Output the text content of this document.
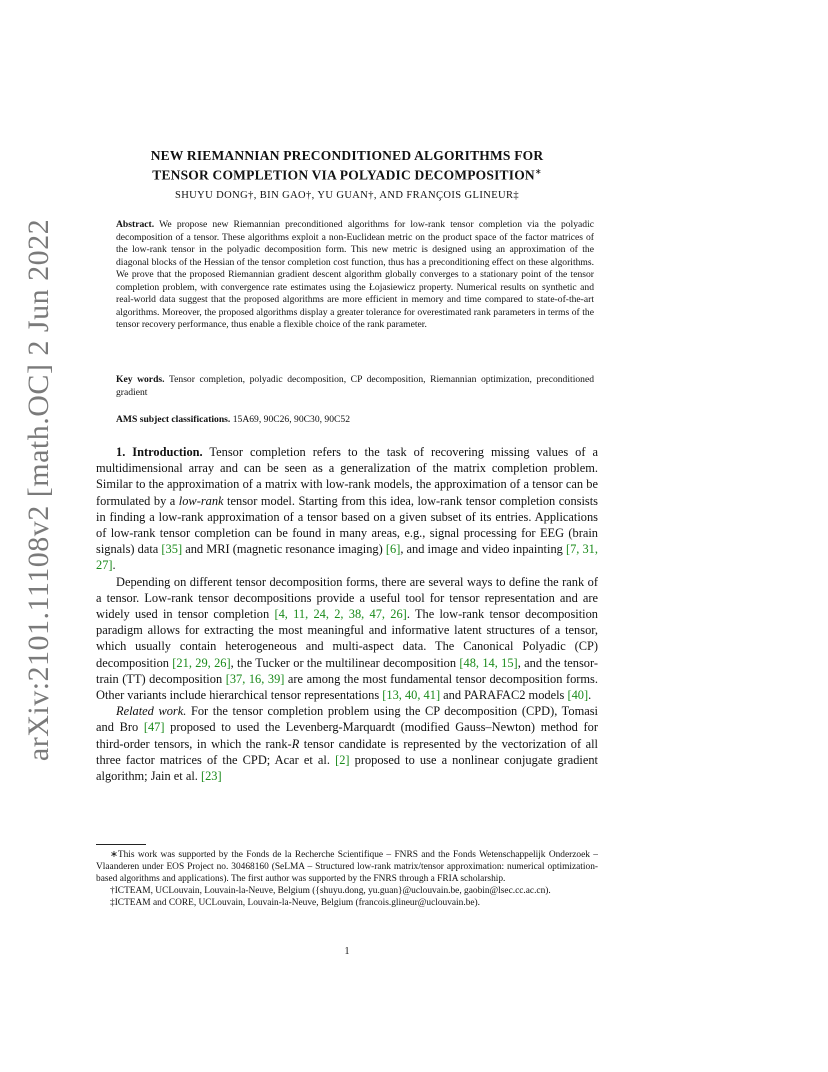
arXiv:2101.11108v2 [math.OC] 2 Jun 2022
NEW RIEMANNIAN PRECONDITIONED ALGORITHMS FOR
TENSOR COMPLETION VIA POLYADIC DECOMPOSITION∗
SHUYU DONG†, BIN GAO†, YU GUAN†, AND FRANÇOIS GLINEUR‡
Abstract. We propose new Riemannian preconditioned algorithms for low-rank tensor completion via the polyadic decomposition of a tensor. These algorithms exploit a non-Euclidean metric on the product space of the factor matrices of the low-rank tensor in the polyadic decomposition form. This new metric is designed using an approximation of the diagonal blocks of the Hessian of the tensor completion cost function, thus has a preconditioning effect on these algorithms. We prove that the proposed Riemannian gradient descent algorithm globally converges to a stationary point of the tensor completion problem, with convergence rate estimates using the Łojasiewicz property. Numerical results on synthetic and real-world data suggest that the proposed algorithms are more efficient in memory and time compared to state-of-the-art algorithms. Moreover, the proposed algorithms display a greater tolerance for overestimated rank parameters in terms of the tensor recovery performance, thus enable a flexible choice of the rank parameter.
Key words. Tensor completion, polyadic decomposition, CP decomposition, Riemannian optimization, preconditioned gradient
AMS subject classifications. 15A69, 90C26, 90C30, 90C52

1. Introduction. Tensor completion refers to the task of recovering missing values of a multidimensional array and can be seen as a generalization of the matrix completion problem. Similar to the approximation of a matrix with low-rank models, the approximation of a tensor can be formulated by a low-rank tensor model. Starting from this idea, low-rank tensor completion consists in finding a low-rank approximation of a tensor based on a given subset of its entries. Applications of low-rank tensor completion can be found in many areas, e.g., signal processing for EEG (brain signals) data [35] and MRI (magnetic resonance imaging) [6], and image and video inpainting [7, 31, 27].

Depending on different tensor decomposition forms, there are several ways to define the rank of a tensor. Low-rank tensor decompositions provide a useful tool for tensor representation and are widely used in tensor completion [4, 11, 24, 2, 38, 47, 26]. The low-rank tensor decomposition paradigm allows for extracting the most meaningful and informative latent structures of a tensor, which usually contain heterogeneous and multi-aspect data. The Canonical Polyadic (CP) decomposition [21, 29, 26], the Tucker or the multilinear decomposition [48, 14, 15], and the tensor-train (TT) decomposition [37, 16, 39] are among the most fundamental tensor decomposition forms. Other variants include hierarchical tensor representations [13, 40, 41] and PARAFAC2 models [40].

Related work. For the tensor completion problem using the CP decomposition (CPD), Tomasi and Bro [47] proposed to used the Levenberg-Marquardt (modified Gauss–Newton) method for third-order tensors, in which the rank-R tensor candidate is represented by the vectorization of all three factor matrices of the CPD; Acar et al. [2] proposed to use a nonlinear conjugate gradient algorithm; Jain et al. [23]

∗This work was supported by the Fonds de la Recherche Scientifique – FNRS and the Fonds Wetenschappelijk Onderzoek – Vlaanderen under EOS Project no. 30468160 (SeLMA – Structured low-rank matrix/tensor approximation: numerical optimization-based algorithms and applications). The first author was supported by the FNRS through a FRIA scholarship.

†ICTEAM, UCLouvain, Louvain-la-Neuve, Belgium ({shuyu.dong, yu.guan}@uclouvain.be, gaobin@lsec.cc.ac.cn).

‡ICTEAM and CORE, UCLouvain, Louvain-la-Neuve, Belgium (francois.glineur@uclouvain.be).

1
